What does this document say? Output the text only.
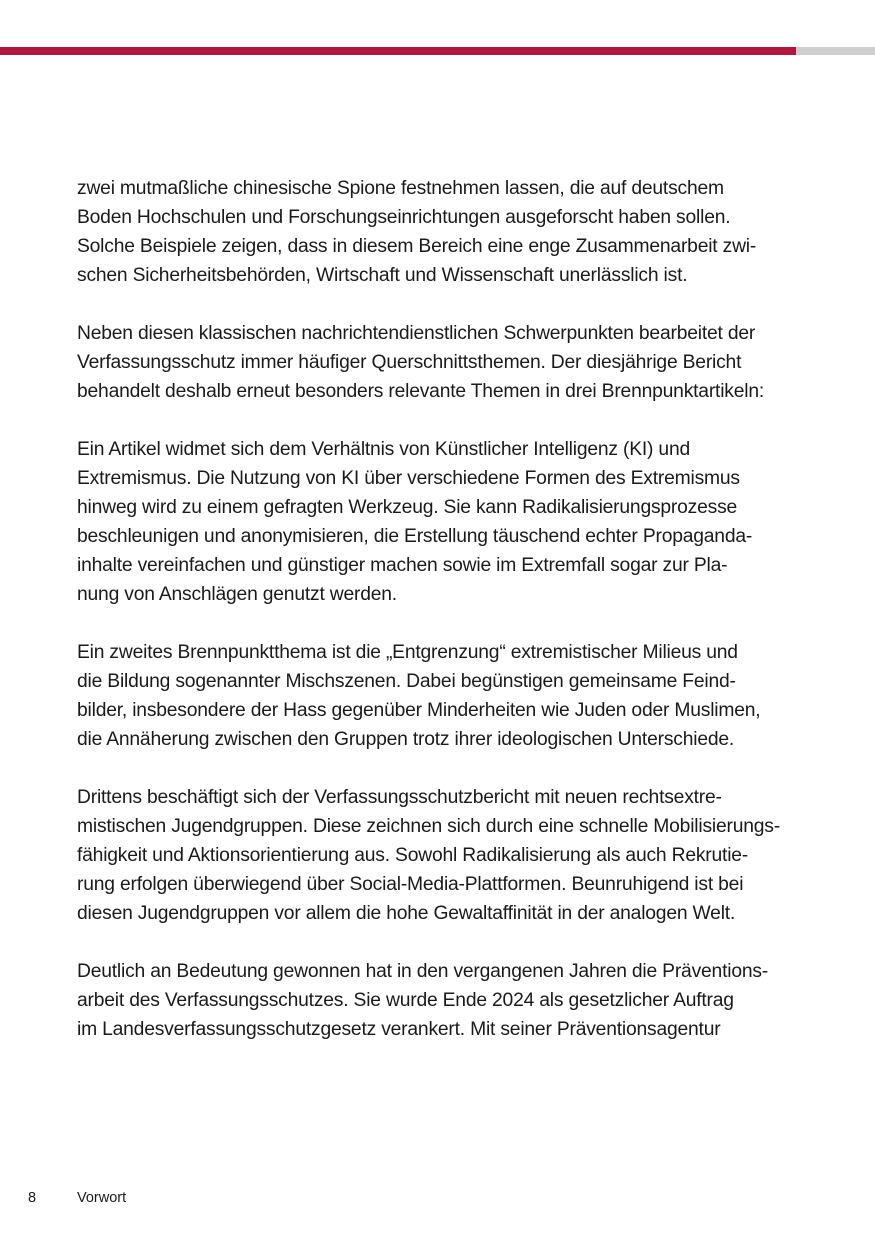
zwei mutmaßliche chinesische Spione festnehmen lassen, die auf deutschem
Boden Hochschulen und Forschungseinrichtungen ausgeforscht haben sollen.
Solche Beispiele zeigen, dass in diesem Bereich eine enge Zusammenarbeit zwi-
schen Sicherheitsbehörden, Wirtschaft und Wissenschaft unerlässlich ist.

Neben diesen klassischen nachrichtendienstlichen Schwerpunkten bearbeitet der
Verfassungsschutz immer häufiger Querschnittsthemen. Der diesjährige Bericht
behandelt deshalb erneut besonders relevante Themen in drei Brennpunktartikeln:

Ein Artikel widmet sich dem Verhältnis von Künstlicher Intelligenz (KI) und
Extremismus. Die Nutzung von KI über verschiedene Formen des Extremismus
hinweg wird zu einem gefragten Werkzeug. Sie kann Radikalisierungsprozesse
beschleunigen und anonymisieren, die Erstellung täuschend echter Propaganda-
inhalte vereinfachen und günstiger machen sowie im Extremfall sogar zur Pla-
nung von Anschlägen genutzt werden.

Ein zweites Brennpunktthema ist die „Entgrenzung“ extremistischer Milieus und
die Bildung sogenannter Mischszenen. Dabei begünstigen gemeinsame Feind-
bilder, insbesondere der Hass gegenüber Minderheiten wie Juden oder Muslimen,
die Annäherung zwischen den Gruppen trotz ihrer ideologischen Unterschiede.

Drittens beschäftigt sich der Verfassungsschutzbericht mit neuen rechtsextre-
mistischen Jugendgruppen. Diese zeichnen sich durch eine schnelle Mobilisierungs-
fähigkeit und Aktionsorientierung aus. Sowohl Radikalisierung als auch Rekrutie-
rung erfolgen überwiegend über Social-Media-Plattformen. Beunruhigend ist bei
diesen Jugendgruppen vor allem die hohe Gewaltaffinität in der analogen Welt.

Deutlich an Bedeutung gewonnen hat in den vergangenen Jahren die Präventions-
arbeit des Verfassungsschutzes. Sie wurde Ende 2024 als gesetzlicher Auftrag
im Landesverfassungsschutzgesetz verankert. Mit seiner Präventionsagentur

8	Vorwort
